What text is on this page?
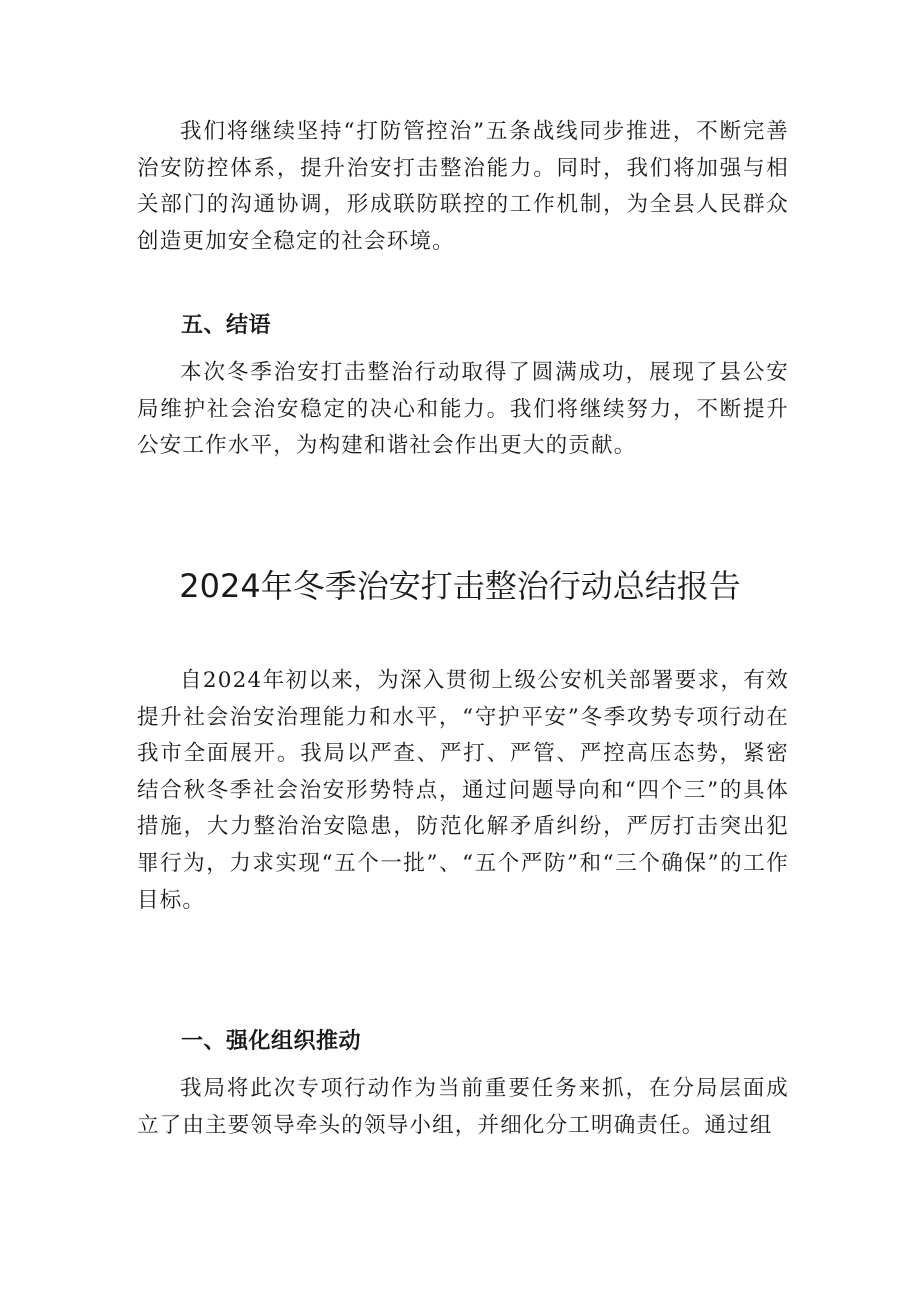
我们将继续坚持“打防管控治”五条战线同步推进，不断完善治安防控体系，提升治安打击整治能力。同时，我们将加强与相关部门的沟通协调，形成联防联控的工作机制，为全县人民群众创造更加安全稳定的社会环境。

五、结语

本次冬季治安打击整治行动取得了圆满成功，展现了县公安局维护社会治安稳定的决心和能力。我们将继续努力，不断提升公安工作水平，为构建和谐社会作出更大的贡献。

2024年冬季治安打击整治行动总结报告

自2024年初以来，为深入贯彻上级公安机关部署要求，有效提升社会治安治理能力和水平，“守护平安”冬季攻势专项行动在我市全面展开。我局以严查、严打、严管、严控高压态势，紧密结合秋冬季社会治安形势特点，通过问题导向和“四个三”的具体措施，大力整治治安隐患，防范化解矛盾纠纷，严厉打击突出犯罪行为，力求实现“五个一批”、“五个严防”和“三个确保”的工作目标。

一、强化组织推动

我局将此次专项行动作为当前重要任务来抓，在分局层面成立了由主要领导牵头的领导小组，并细化分工明确责任。通过组
